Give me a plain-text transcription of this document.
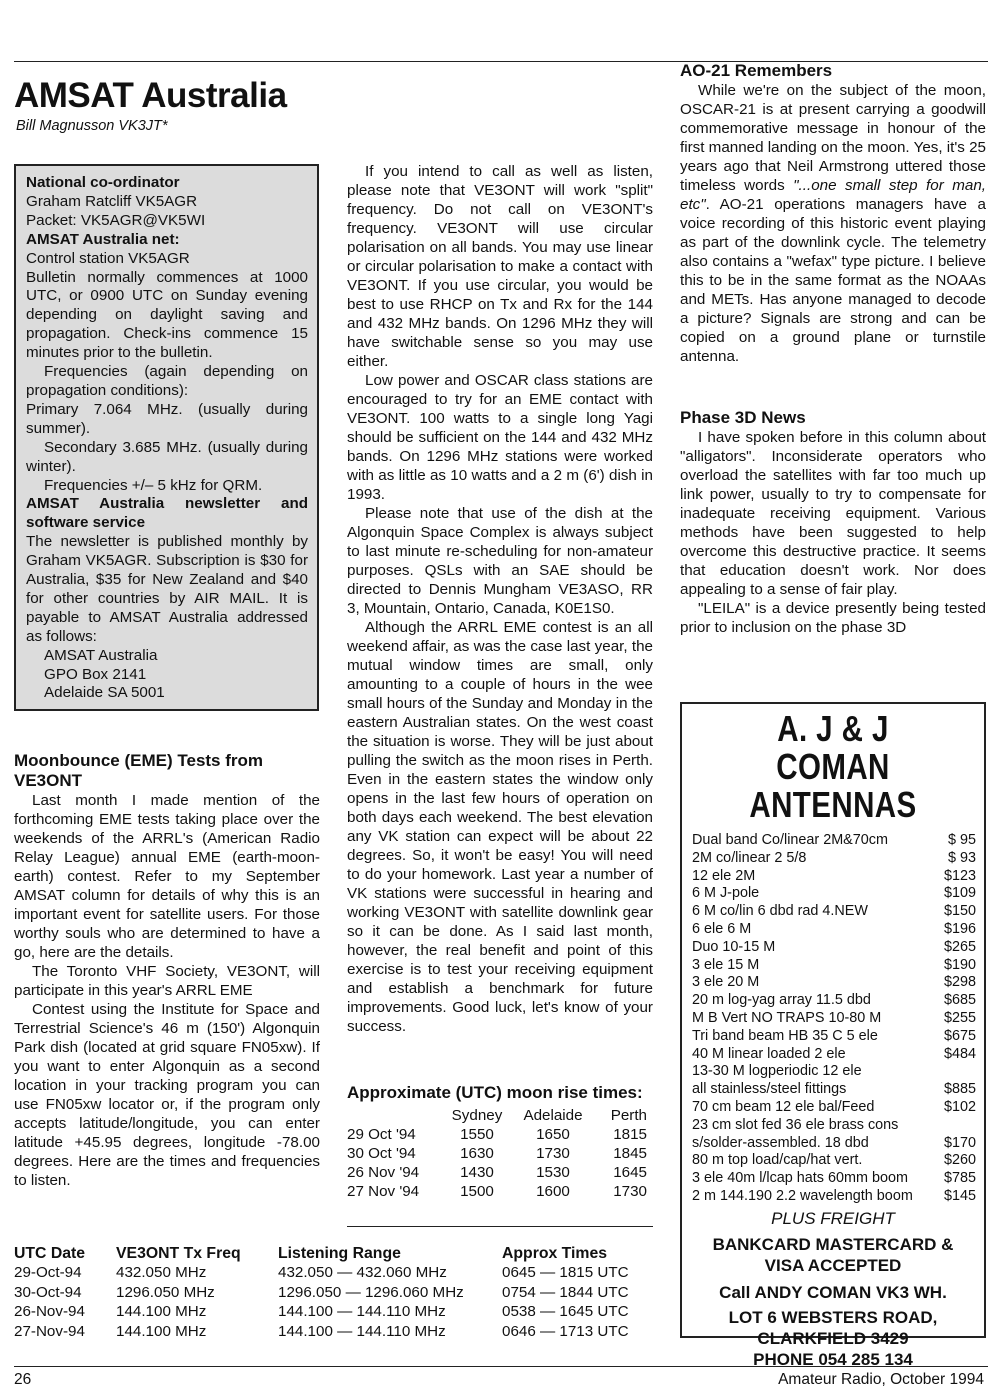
AMSAT Australia
Bill Magnusson VK3JT*
National co-ordinator
Graham Ratcliff VK5AGR
Packet: VK5AGR@VK5WI
AMSAT Australia net:
Control station VK5AGR

Bulletin normally commences at 1000 UTC, or 0900 UTC on Sunday evening depending on daylight saving and propagation. Check-ins commence 15 minutes prior to the bulletin.

Frequencies (again depending on propagation conditions):

Primary 7.064 MHz. (usually during summer).

Secondary 3.685 MHz. (usually during winter).

Frequencies +/– 5 kHz for QRM.

AMSAT Australia newsletter and software service

The newsletter is published monthly by Graham VK5AGR. Subscription is $30 for Australia, $35 for New Zealand and $40 for other countries by AIR MAIL. It is payable to AMSAT Australia addressed as follows:

AMSAT Australia
GPO Box 2141
Adelaide SA 5001
Moonbounce (EME) Tests from VE3ONT

Last month I made mention of the forthcoming EME tests taking place over the weekends of the ARRL's (American Radio Relay League) annual EME (earth-moon-earth) contest. Refer to my September AMSAT column for details of why this is an important event for satellite users. For those worthy souls who are determined to have a go, here are the details.

The Toronto VHF Society, VE3ONT, will participate in this year's ARRL EME

Contest using the Institute for Space and Terrestrial Science's 46 m (150') Algonquin Park dish (located at grid square FN05xw). If you want to enter Algonquin as a second location in your tracking program you can use FN05xw locator or, if the program only accepts latitude/longitude, you can enter latitude +45.95 degrees, longitude -78.00 degrees. Here are the times and frequencies to listen.

If you intend to call as well as listen, please note that VE3ONT will work "split" frequency. Do not call on VE3ONT's frequency. VE3ONT will use circular polarisation on all bands. You may use linear or circular polarisation to make a contact with VE3ONT. If you use circular, you would be best to use RHCP on Tx and Rx for the 144 and 432 MHz bands. On 1296 MHz they will have switchable sense so you may use either.

Low power and OSCAR class stations are encouraged to try for an EME contact with VE3ONT. 100 watts to a single long Yagi should be sufficient on the 144 and 432 MHz bands. On 1296 MHz stations were worked with as little as 10 watts and a 2 m (6') dish in 1993.

Please note that use of the dish at the Algonquin Space Complex is always subject to last minute re-scheduling for non-amateur purposes. QSLs with an SAE should be directed to Dennis Mungham VE3ASO, RR 3, Mountain, Ontario, Canada, K0E1S0.

Although the ARRL EME contest is an all weekend affair, as was the case last year, the mutual window times are small, only amounting to a couple of hours in the wee small hours of the Sunday and Monday in the eastern Australian states. On the west coast the situation is worse. They will be just about pulling the switch as the moon rises in Perth. Even in the eastern states the window only opens in the last few hours of operation on both days each weekend. The best elevation any VK station can expect will be about 22 degrees. So, it won't be easy! You will need to do your homework. Last year a number of VK stations were successful in hearing and working VE3ONT with satellite downlink gear so it can be done. As I said last month, however, the real benefit and point of this exercise is to test your receiving equipment and establish a benchmark for future improvements. Good luck, let's know of your success.

Approximate (UTC) moon rise times:
	Sydney	Adelaide	Perth
29 Oct '94	1550	1650	1815
30 Oct '94	1630	1730	1845
26 Nov '94	1430	1530	1645
27 Nov '94	1500	1600	1730
UTC Date	VE3ONT Tx Freq	Listening Range	Approx Times
29-Oct-94	432.050 MHz	432.050 — 432.060 MHz	0645 — 1815 UTC
30-Oct-94	1296.050 MHz	1296.050 — 1296.060 MHz	0754 — 1844 UTC
26-Nov-94	144.100 MHz	144.100 — 144.110 MHz	0538 — 1645 UTC
27-Nov-94	144.100 MHz	144.100 — 144.110 MHz	0646 — 1713 UTC
AO-21 Remembers

While we're on the subject of the moon, OSCAR-21 is at present carrying a goodwill commemorative message in honour of the first manned landing on the moon. Yes, it's 25 years ago that Neil Armstrong uttered those timeless words "...one small step for man, etc". AO-21 operations managers have a voice recording of this historic event playing as part of the downlink cycle. The telemetry also contains a "wefax" type picture. I believe this to be in the same format as the NOAAs and METs. Has anyone managed to decode a picture? Signals are strong and can be copied on a ground plane or turnstile antenna.

Phase 3D News

I have spoken before in this column about "alligators". Inconsiderate operators who overload the satellites with far too much up link power, usually to try to compensate for inadequate receiving equipment. Various methods have been suggested to help overcome this destructive practice. It seems that education doesn't work. Nor does appealing to a sense of fair play.

"LEILA" is a device presently being tested prior to inclusion on the phase 3D

A. J & J COMAN
ANTENNAS
Dual band Co/linear 2M&70cm	$ 95
2M co/linear 2 5/8	$ 93
12 ele 2M	$123
6 M J-pole	$109
6 M co/lin 6 dbd rad 4.NEW	$150
6 ele 6 M	$196
Duo 10-15 M	$265
3 ele 15 M	$190
3 ele 20 M	$298
20 m log-yag array 11.5 dbd	$685
M B Vert NO TRAPS 10-80 M	$255
Tri band beam HB 35 C 5 ele	$675
40 M linear loaded 2 ele	$484
13-30 M logperiodic 12 ele	
all stainless/steel fittings	$885
70 cm beam 12 ele bal/Feed	$102
23 cm slot fed 36 ele brass cons	
s/solder-assembled. 18 dbd	$170
80 m top load/cap/hat vert.	$260
3 ele 40m l/lcap hats 60mm boom	$785
2 m 144.190 2.2 wavelength boom	$145
PLUS FREIGHT
BANKCARD MASTERCARD &
VISA ACCEPTED
Call ANDY COMAN VK3 WH.
LOT 6 WEBSTERS ROAD,
CLARKFIELD 3429
PHONE 054 285 134
26	Amateur Radio, October 1994
